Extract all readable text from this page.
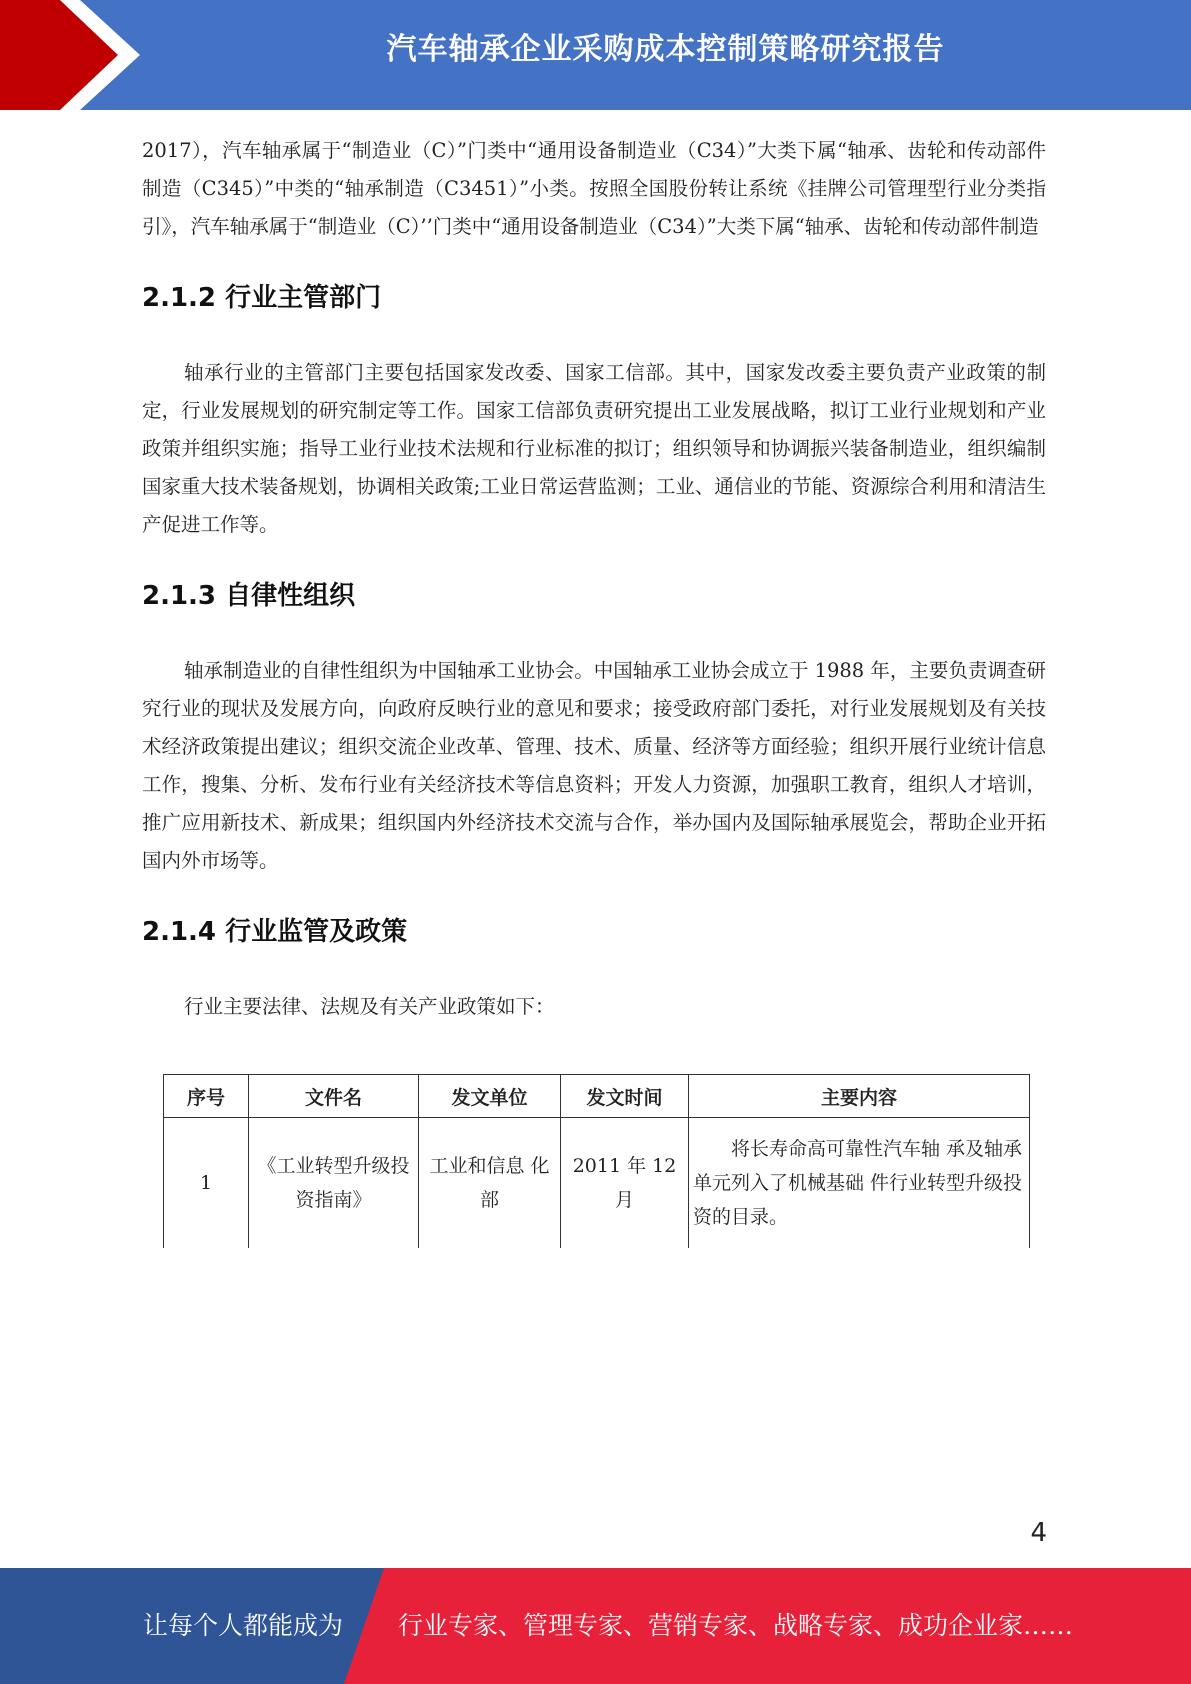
汽车轴承企业采购成本控制策略研究报告

2017），汽车轴承属于“制造业（C）”门类中“通用设备制造业（C34）”大类下属“轴承、齿轮和传动部件制造（C345）”中类的“轴承制造（C3451）”小类。按照全国股份转让系统《挂牌公司管理型行业分类指引》，汽车轴承属于“制造业（C）’’门类中“通用设备制造业（C34）”大类下属“轴承、齿轮和传动部件制造

2.1.2 行业主管部门

轴承行业的主管部门主要包括国家发改委、国家工信部。其中，国家发改委主要负责产业政策的制定，行业发展规划的研究制定等工作。国家工信部负责研究提出工业发展战略，拟订工业行业规划和产业政策并组织实施；指导工业行业技术法规和行业标准的拟订；组织领导和协调振兴装备制造业，组织编制国家重大技术装备规划，协调相关政策;工业日常运营监测；工业、通信业的节能、资源综合利用和清洁生产促进工作等。

2.1.3 自律性组织

轴承制造业的自律性组织为中国轴承工业协会。中国轴承工业协会成立于 1988 年，主要负责调查研究行业的现状及发展方向，向政府反映行业的意见和要求；接受政府部门委托，对行业发展规划及有关技术经济政策提出建议；组织交流企业改革、管理、技术、质量、经济等方面经验；组织开展行业统计信息工作，搜集、分析、发布行业有关经济技术等信息资料；开发人力资源，加强职工教育，组织人才培训，推广应用新技术、新成果；组织国内外经济技术交流与合作，举办国内及国际轴承展览会，帮助企业开拓国内外市场等。

2.1.4 行业监管及政策

行业主要法律、法规及有关产业政策如下：

序号	文件名	发文单位	发文时间	主要内容
1	《工业转型升级投资指南》	工业和信息 化部	2011 年 12 月	将长寿命高可靠性汽车轴 承及轴承单元列入了机械基础 件行业转型升级投资的目录。
4
让每个人都能成为 行业专家、管理专家、营销专家、战略专家、成功企业家……
